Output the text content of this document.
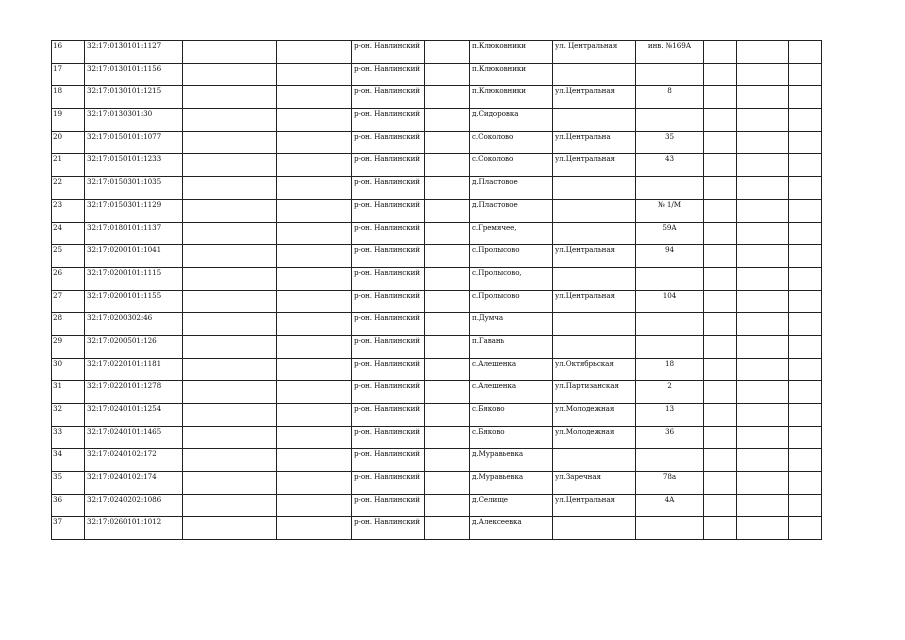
16	32:17:0130101:1127			р-он. Навлинский		п.Клюковники	ул. Центральная	инв. №169А			
17	32:17:0130101:1156			р-он. Навлинский		п.Клюковники					
18	32:17:0130101:1215			р-он. Навлинский		п.Клюковники	ул.Центральная	8			
19	32:17:0130301:30			р-он. Навлинский		д.Сидоровка					
20	32:17:0150101:1077			р-он. Навлинский		с.Соколово	ул.Центральна	35			
21	32:17:0150101:1233			р-он. Навлинский		с.Соколово	ул.Центральная	43			
22	32:17:0150301:1035			р-он. Навлинский		д.Пластовое					
23	32:17:0150301:1129			р-он. Навлинский		д.Пластовое		№ 1/М			
24	32:17:0180101:1137			р-он. Навлинский		с.Гремячее,		59А			
25	32:17:0200101:1041			р-он. Навлинский		с.Пролысово	ул.Центральная	94			
26	32:17:0200101:1115			р-он. Навлинский		с.Пролысово,					
27	32:17:0200101:1155			р-он. Навлинский		с.Пролысово	ул.Центральная	104			
28	32:17:0200302:46			р-он. Навлинский		п.Думча					
29	32:17:0200501:126			р-он. Навлинский		п.Гавань					
30	32:17:0220101:1181			р-он. Навлинский		с.Алешенка	ул.Октябрьская	18			
31	32:17:0220101:1278			р-он. Навлинский		с.Алешенка	ул.Партизанская	2			
32	32:17:0240101:1254			р-он. Навлинский		с.Бяково	ул.Молодежная	13			
33	32:17:0240101:1465			р-он. Навлинский		с.Бяково	ул.Молодежная	36			
34	32:17:0240102:172			р-он. Навлинский		д.Муравьевка					
35	32:17:0240102:174			р-он. Навлинский		д.Муравьевка	ул.Заречная	78а			
36	32:17:0240202:1086			р-он. Навлинский		д.Селище	ул.Центральная	4А			
37	32:17:0260101:1012			р-он. Навлинский		д.Алексеевка					
